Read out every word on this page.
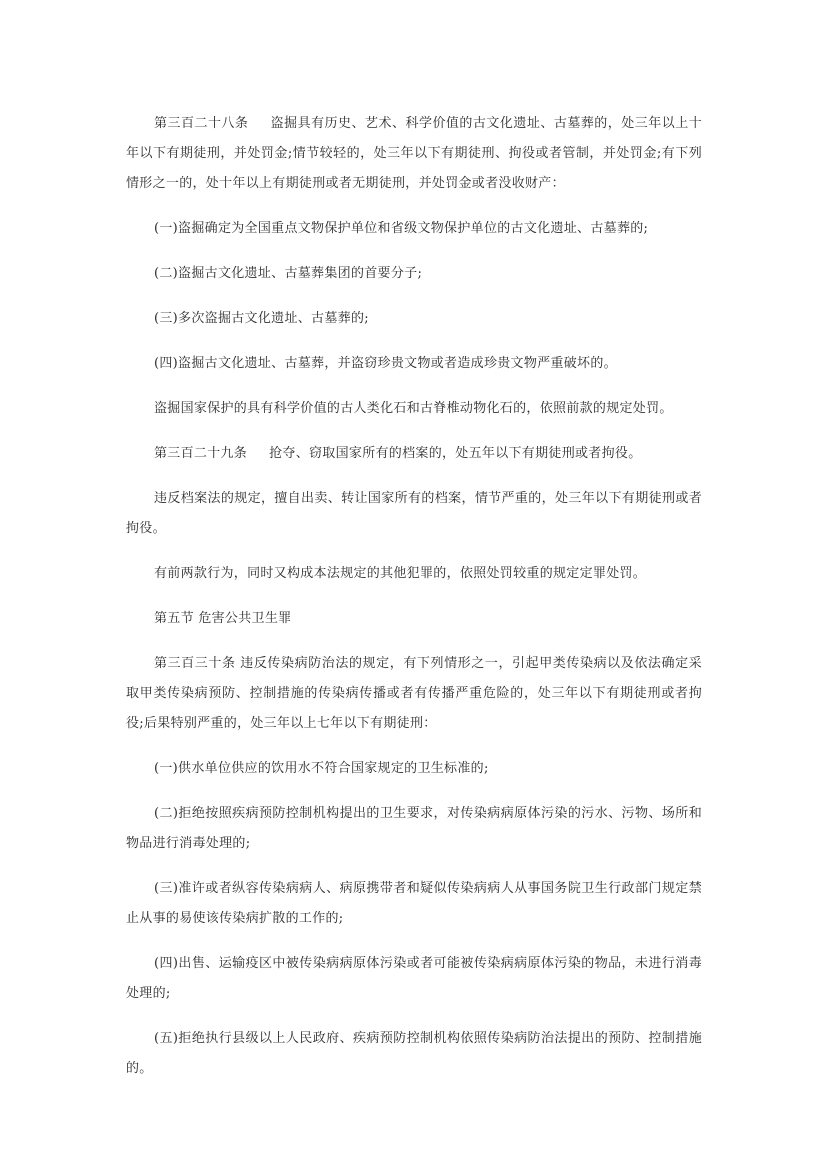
第三百二十八条 盗掘具有历史、艺术、科学价值的古文化遗址、古墓葬的，处三年以上十年以下有期徒刑，并处罚金;情节较轻的，处三年以下有期徒刑、拘役或者管制，并处罚金;有下列情形之一的，处十年以上有期徒刑或者无期徒刑，并处罚金或者没收财产：

(一)盗掘确定为全国重点文物保护单位和省级文物保护单位的古文化遗址、古墓葬的;

(二)盗掘古文化遗址、古墓葬集团的首要分子;

(三)多次盗掘古文化遗址、古墓葬的;

(四)盗掘古文化遗址、古墓葬，并盗窃珍贵文物或者造成珍贵文物严重破坏的。

盗掘国家保护的具有科学价值的古人类化石和古脊椎动物化石的，依照前款的规定处罚。

第三百二十九条 抢夺、窃取国家所有的档案的，处五年以下有期徒刑或者拘役。

违反档案法的规定，擅自出卖、转让国家所有的档案，情节严重的，处三年以下有期徒刑或者拘役。

有前两款行为，同时又构成本法规定的其他犯罪的，依照处罚较重的规定定罪处罚。

第五节 危害公共卫生罪

第三百三十条 违反传染病防治法的规定，有下列情形之一，引起甲类传染病以及依法确定采取甲类传染病预防、控制措施的传染病传播或者有传播严重危险的，处三年以下有期徒刑或者拘役;后果特别严重的，处三年以上七年以下有期徒刑：

(一)供水单位供应的饮用水不符合国家规定的卫生标准的;

(二)拒绝按照疾病预防控制机构提出的卫生要求，对传染病病原体污染的污水、污物、场所和物品进行消毒处理的;

(三)准许或者纵容传染病病人、病原携带者和疑似传染病病人从事国务院卫生行政部门规定禁止从事的易使该传染病扩散的工作的;

(四)出售、运输疫区中被传染病病原体污染或者可能被传染病病原体污染的物品，未进行消毒处理的;

(五)拒绝执行县级以上人民政府、疾病预防控制机构依照传染病防治法提出的预防、控制措施的。
